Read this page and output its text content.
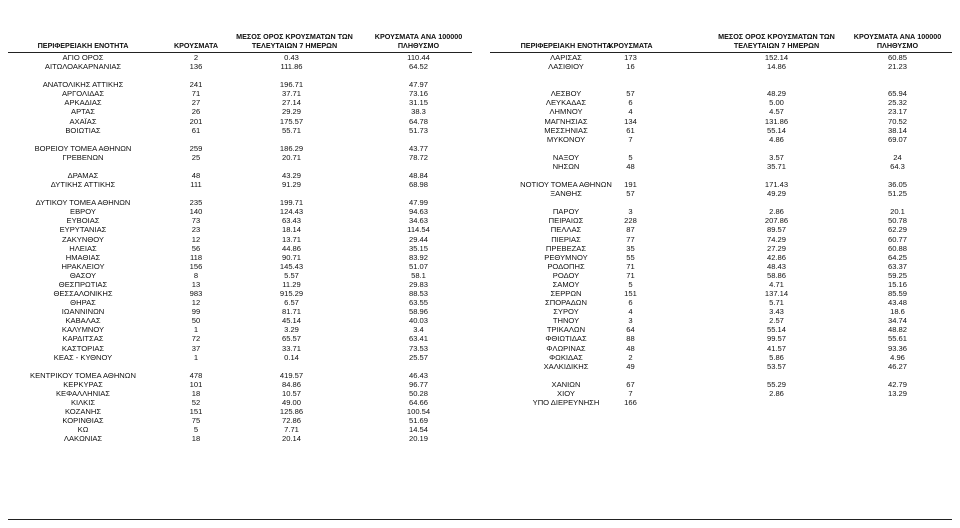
ΠΕΡΙΦΕΡΕΙΑΚΗ ΕΝΟΤΗΤΑ	ΚΡΟΥΣΜΑΤΑ
ΜΕΣΟΣ ΟΡΟΣ ΚΡΟΥΣΜΑΤΩΝ ΤΩΝ ΤΕΛΕΥΤΑΙΩΝ 7 ΗΜΕΡΩΝ
ΚΡΟΥΣΜΑΤΑ ΑΝΑ 100000 ΠΛΗΘΥΣΜΟ
ΑΓΙΟ ΟΡΟΣ	2	0.43	110.44
ΑΙΤΩΛΟΑΚΑΡΝΑΝΙΑΣ	136	111.86	64.52
ΑΝΑΤΟΛΙΚΗΣ ΑΤΤΙΚΗΣ	241	196.71	47.97
ΑΡΓΟΛΙΔΑΣ	71	37.71	73.16
ΑΡΚΑΔΙΑΣ	27	27.14	31.15
ΑΡΤΑΣ	26	29.29	38.3
ΑΧΑΪΑΣ	201	175.57	64.78
ΒΟΙΩΤΙΑΣ	61	55.71	51.73
ΒΟΡΕΙΟΥ ΤΟΜΕΑ ΑΘΗΝΩΝ	259	186.29	43.77
ΓΡΕΒΕΝΩΝ	25	20.71	78.72
ΔΡΑΜΑΣ	48	43.29	48.84
ΔΥΤΙΚΗΣ ΑΤΤΙΚΗΣ	111	91.29	68.98
ΔΥΤΙΚΟΥ ΤΟΜΕΑ ΑΘΗΝΩΝ	235	199.71	47.99
ΕΒΡΟΥ	140	124.43	94.63
ΕΥΒΟΙΑΣ	73	63.43	34.63
ΕΥΡΥΤΑΝΙΑΣ	23	18.14	114.54
ΖΑΚΥΝΘΟΥ	12	13.71	29.44
ΗΛΕΙΑΣ	56	44.86	35.15
ΗΜΑΘΙΑΣ	118	90.71	83.92
ΗΡΑΚΛΕΙΟΥ	156	145.43	51.07
ΘΑΣΟΥ	8	5.57	58.1
ΘΕΣΠΡΩΤΙΑΣ	13	11.29	29.83
ΘΕΣΣΑΛΟΝΙΚΗΣ	983	915.29	88.53
ΘΗΡΑΣ	12	6.57	63.55
ΙΩΑΝΝΙΝΩΝ	99	81.71	58.96
ΚΑΒΑΛΑΣ	50	45.14	40.03
ΚΑΛΥΜΝΟΥ	1	3.29	3.4
ΚΑΡΔΙΤΣΑΣ	72	65.57	63.41
ΚΑΣΤΟΡΙΑΣ	37	33.71	73.53
ΚΕΑΣ - ΚΥΘΝΟΥ	1	0.14	25.57
ΚΕΝΤΡΙΚΟΥ ΤΟΜΕΑ ΑΘΗΝΩΝ	478	419.57	46.43
ΚΕΡΚΥΡΑΣ	101	84.86	96.77
ΚΕΦΑΛΛΗΝΙΑΣ	18	10.57	50.28
ΚΙΛΚΙΣ	52	49.00	64.66
ΚΟΖΑΝΗΣ	151	125.86	100.54
ΚΟΡΙΝΘΙΑΣ	75	72.86	51.69
ΚΩ	5	7.71	14.54
ΛΑΚΩΝΙΑΣ	18	20.14	20.19
ΠΕΡΙΦΕΡΕΙΑΚΗ ΕΝΟΤΗΤΑ
ΚΡΟΥΣΜΑΤΑ
ΜΕΣΟΣ ΟΡΟΣ ΚΡΟΥΣΜΑΤΩΝ ΤΩΝ ΤΕΛΕΥΤΑΙΩΝ 7 ΗΜΕΡΩΝ
ΚΡΟΥΣΜΑΤΑ ΑΝΑ 100000 ΠΛΗΘΥΣΜΟ
ΛΑΡΙΣΑΣ	173	152.14	60.85
ΛΑΣΙΘΙΟΥ	16	14.86	21.23
ΛΕΣΒΟΥ	57	48.29	65.94
ΛΕΥΚΑΔΑΣ	6	5.00	25.32
ΛΗΜΝΟΥ	4	4.57	23.17
ΜΑΓΝΗΣΙΑΣ	134	131.86	70.52
ΜΕΣΣΗΝΙΑΣ	61	55.14	38.14
ΜΥΚΟΝΟΥ	7	4.86	69.07
ΝΑΞΟΥ	5	3.57	24
ΝΗΣΩΝ	48	35.71	64.3
ΝΟΤΙΟΥ ΤΟΜΕΑ ΑΘΗΝΩΝ	191	171.43	36.05
ΞΑΝΘΗΣ	57	49.29	51.25
ΠΑΡΟΥ	3	2.86	20.1
ΠΕΙΡΑΙΩΣ	228	207.86	50.78
ΠΕΛΛΑΣ	87	89.57	62.29
ΠΙΕΡΙΑΣ	77	74.29	60.77
ΠΡΕΒΕΖΑΣ	35	27.29	60.88
ΡΕΘΥΜΝΟΥ	55	42.86	64.25
ΡΟΔΟΠΗΣ	71	48.43	63.37
ΡΟΔΟΥ	71	58.86	59.25
ΣΑΜΟΥ	5	4.71	15.16
ΣΕΡΡΩΝ	151	137.14	85.59
ΣΠΟΡΑΔΩΝ	6	5.71	43.48
ΣΥΡΟΥ	4	3.43	18.6
ΤΗΝΟΥ	3	2.57	34.74
ΤΡΙΚΑΛΩΝ	64	55.14	48.82
ΦΘΙΩΤΙΔΑΣ	88	99.57	55.61
ΦΛΩΡΙΝΑΣ	48	41.57	93.36
ΦΩΚΙΔΑΣ	2	5.86	4.96
ΧΑΛΚΙΔΙΚΗΣ	49	53.57	46.27
ΧΑΝΙΩΝ	67	55.29	42.79
ΧΙΟΥ	7	2.86	13.29
ΥΠΟ ΔΙΕΡΕΥΝΗΣΗ	166
